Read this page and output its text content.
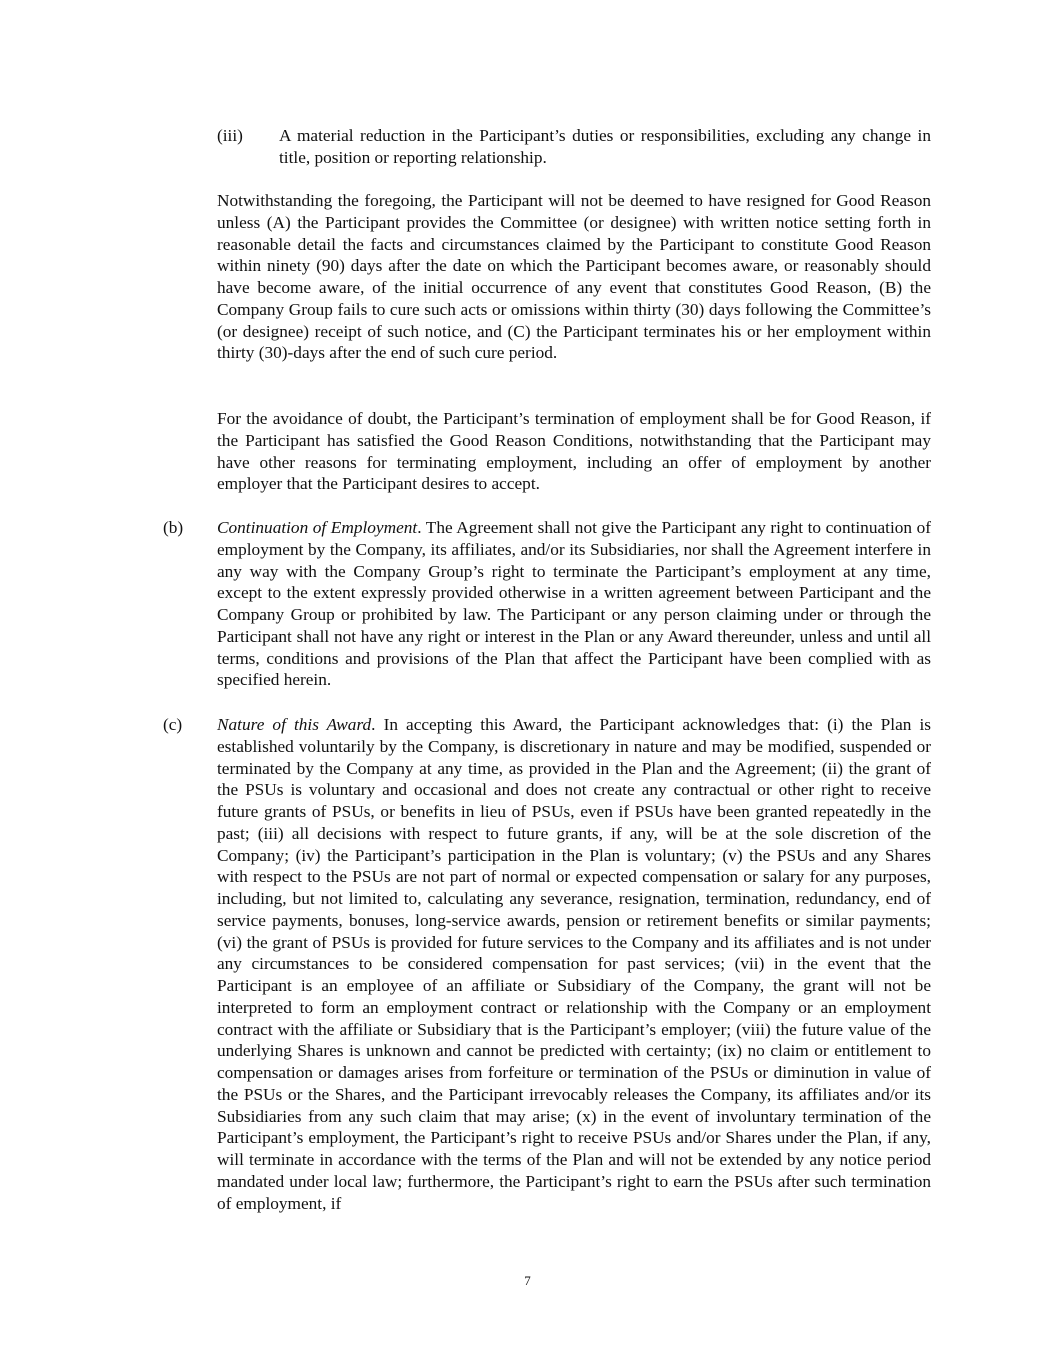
(iii) A material reduction in the Participant’s duties or responsibilities, excluding any change in title, position or reporting relationship.

Notwithstanding the foregoing, the Participant will not be deemed to have resigned for Good Reason unless (A) the Participant provides the Committee (or designee) with written notice setting forth in reasonable detail the facts and circumstances claimed by the Participant to constitute Good Reason within ninety (90) days after the date on which the Participant becomes aware, or reasonably should have become aware, of the initial occurrence of any event that constitutes Good Reason, (B) the Company Group fails to cure such acts or omissions within thirty (30) days following the Committee’s (or designee) receipt of such notice, and (C) the Participant terminates his or her employment within thirty (30)-days after the end of such cure period.

For the avoidance of doubt, the Participant’s termination of employment shall be for Good Reason, if the Participant has satisfied the Good Reason Conditions, notwithstanding that the Participant may have other reasons for terminating employment, including an offer of employment by another employer that the Participant desires to accept.

(b) Continuation of Employment. The Agreement shall not give the Participant any right to continuation of employment by the Company, its affiliates, and/or its Subsidiaries, nor shall the Agreement interfere in any way with the Company Group’s right to terminate the Participant’s employment at any time, except to the extent expressly provided otherwise in a written agreement between Participant and the Company Group or prohibited by law. The Participant or any person claiming under or through the Participant shall not have any right or interest in the Plan or any Award thereunder, unless and until all terms, conditions and provisions of the Plan that affect the Participant have been complied with as specified herein.

(c) Nature of this Award. In accepting this Award, the Participant acknowledges that: (i) the Plan is established voluntarily by the Company, is discretionary in nature and may be modified, suspended or terminated by the Company at any time, as provided in the Plan and the Agreement; (ii) the grant of the PSUs is voluntary and occasional and does not create any contractual or other right to receive future grants of PSUs, or benefits in lieu of PSUs, even if PSUs have been granted repeatedly in the past; (iii) all decisions with respect to future grants, if any, will be at the sole discretion of the Company; (iv) the Participant’s participation in the Plan is voluntary; (v) the PSUs and any Shares with respect to the PSUs are not part of normal or expected compensation or salary for any purposes, including, but not limited to, calculating any severance, resignation, termination, redundancy, end of service payments, bonuses, long-service awards, pension or retirement benefits or similar payments; (vi) the grant of PSUs is provided for future services to the Company and its affiliates and is not under any circumstances to be considered compensation for past services; (vii) in the event that the Participant is an employee of an affiliate or Subsidiary of the Company, the grant will not be interpreted to form an employment contract or relationship with the Company or an employment contract with the affiliate or Subsidiary that is the Participant’s employer; (viii) the future value of the underlying Shares is unknown and cannot be predicted with certainty; (ix) no claim or entitlement to compensation or damages arises from forfeiture or termination of the PSUs or diminution in value of the PSUs or the Shares, and the Participant irrevocably releases the Company, its affiliates and/or its Subsidiaries from any such claim that may arise; (x) in the event of involuntary termination of the Participant’s employment, the Participant’s right to receive PSUs and/or Shares under the Plan, if any, will terminate in accordance with the terms of the Plan and will not be extended by any notice period mandated under local law; furthermore, the Participant’s right to earn the PSUs after such termination of employment, if

7
